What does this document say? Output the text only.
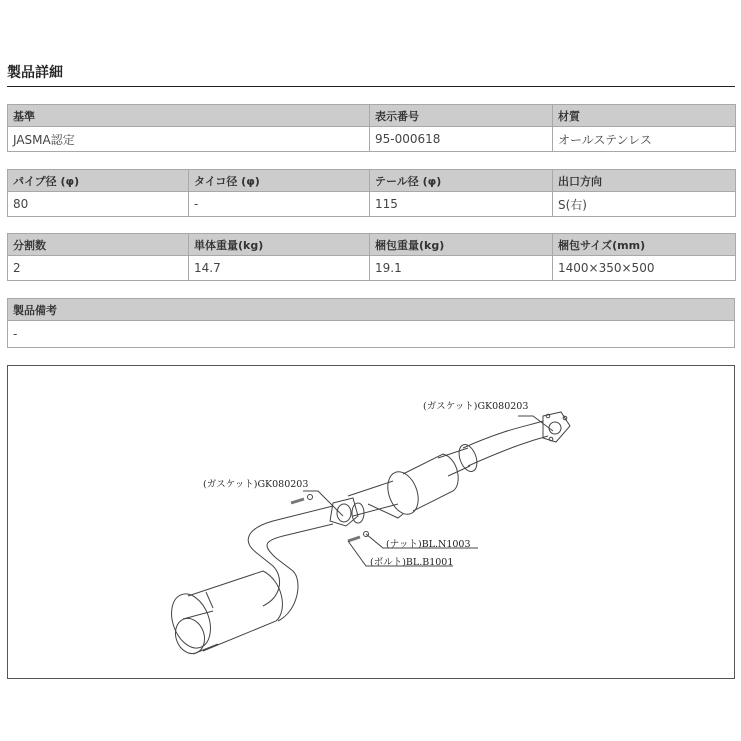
製品詳細
基準	表示番号	材質
JASMA認定	95-000618	オールステンレス
パイプ径 (φ)	タイコ径 (φ)	テール径 (φ)	出口方向
80	-	115	S(右)
分割数	単体重量(kg)	梱包重量(kg)	梱包サイズ(mm)
2	14.7	19.1	1400×350×500
製品備考
-
(ガスケット)GK080203
(ガスケット)GK080203
(ナット)BL.N1003
(ボルト)BL.B1001
